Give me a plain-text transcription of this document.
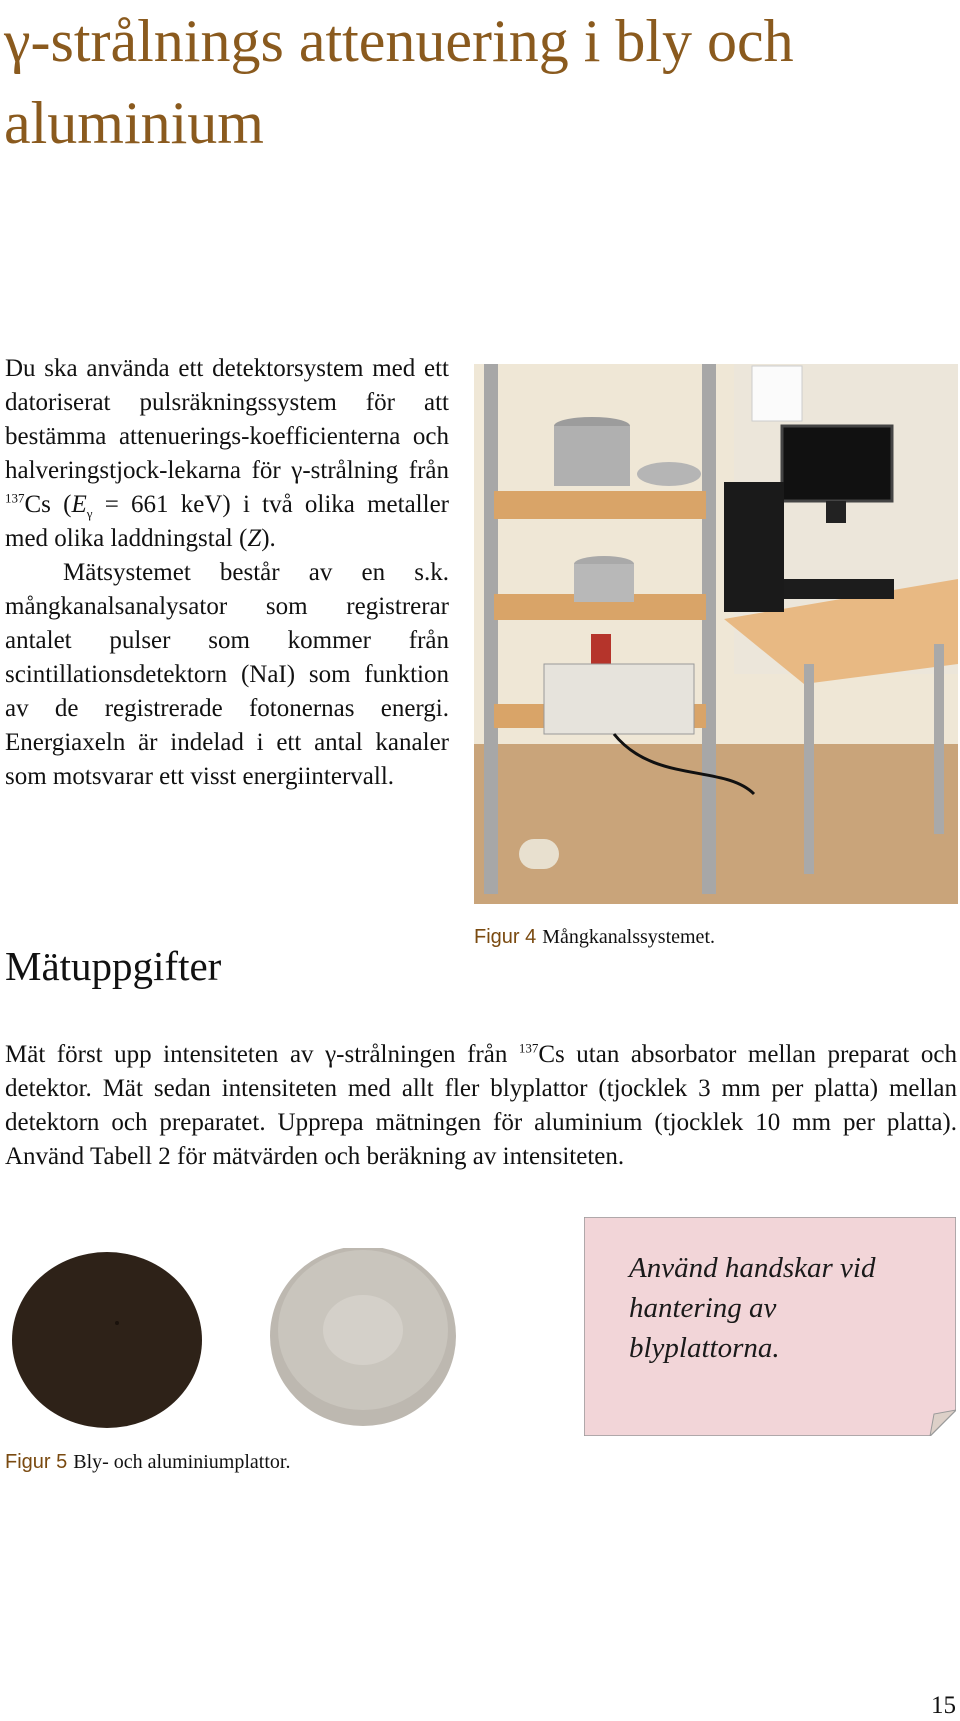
γ-strålnings attenuering i bly och aluminium

Du ska använda ett detektorsystem med ett datoriserat pulsräkningssystem för att bestämma attenuerings-koefficienterna och halveringstjock-lekarna för γ-strålning från $^{137}$Cs ($E_\gamma = 661$ keV) i två olika metaller med olika laddningstal (Z).

Mätsystemet består av en s.k. mångkanalsanalysator som registrerar antalet pulser som kommer från scintillationsdetektorn (NaI) som funktion av de registrerade fotonernas energi. Energiaxeln är indelad i ett antal kanaler som motsvarar ett visst energiintervall.

Figur 4 Mångkanalssystemet.
Mätuppgifter

Mät först upp intensiteten av γ-strålningen från $^{137}$Cs utan absorbator mellan preparat och detektor. Mät sedan intensiteten med allt fler blyplattor (tjocklek 3 mm per platta) mellan detektorn och preparatet. Upprepa mätningen för aluminium (tjocklek 10 mm per platta). Använd Tabell 2 för mätvärden och beräkning av intensiteten.

Figur 5 Bly- och aluminiumplattor.
Använd handskar vid hantering av blyplattorna.
15
